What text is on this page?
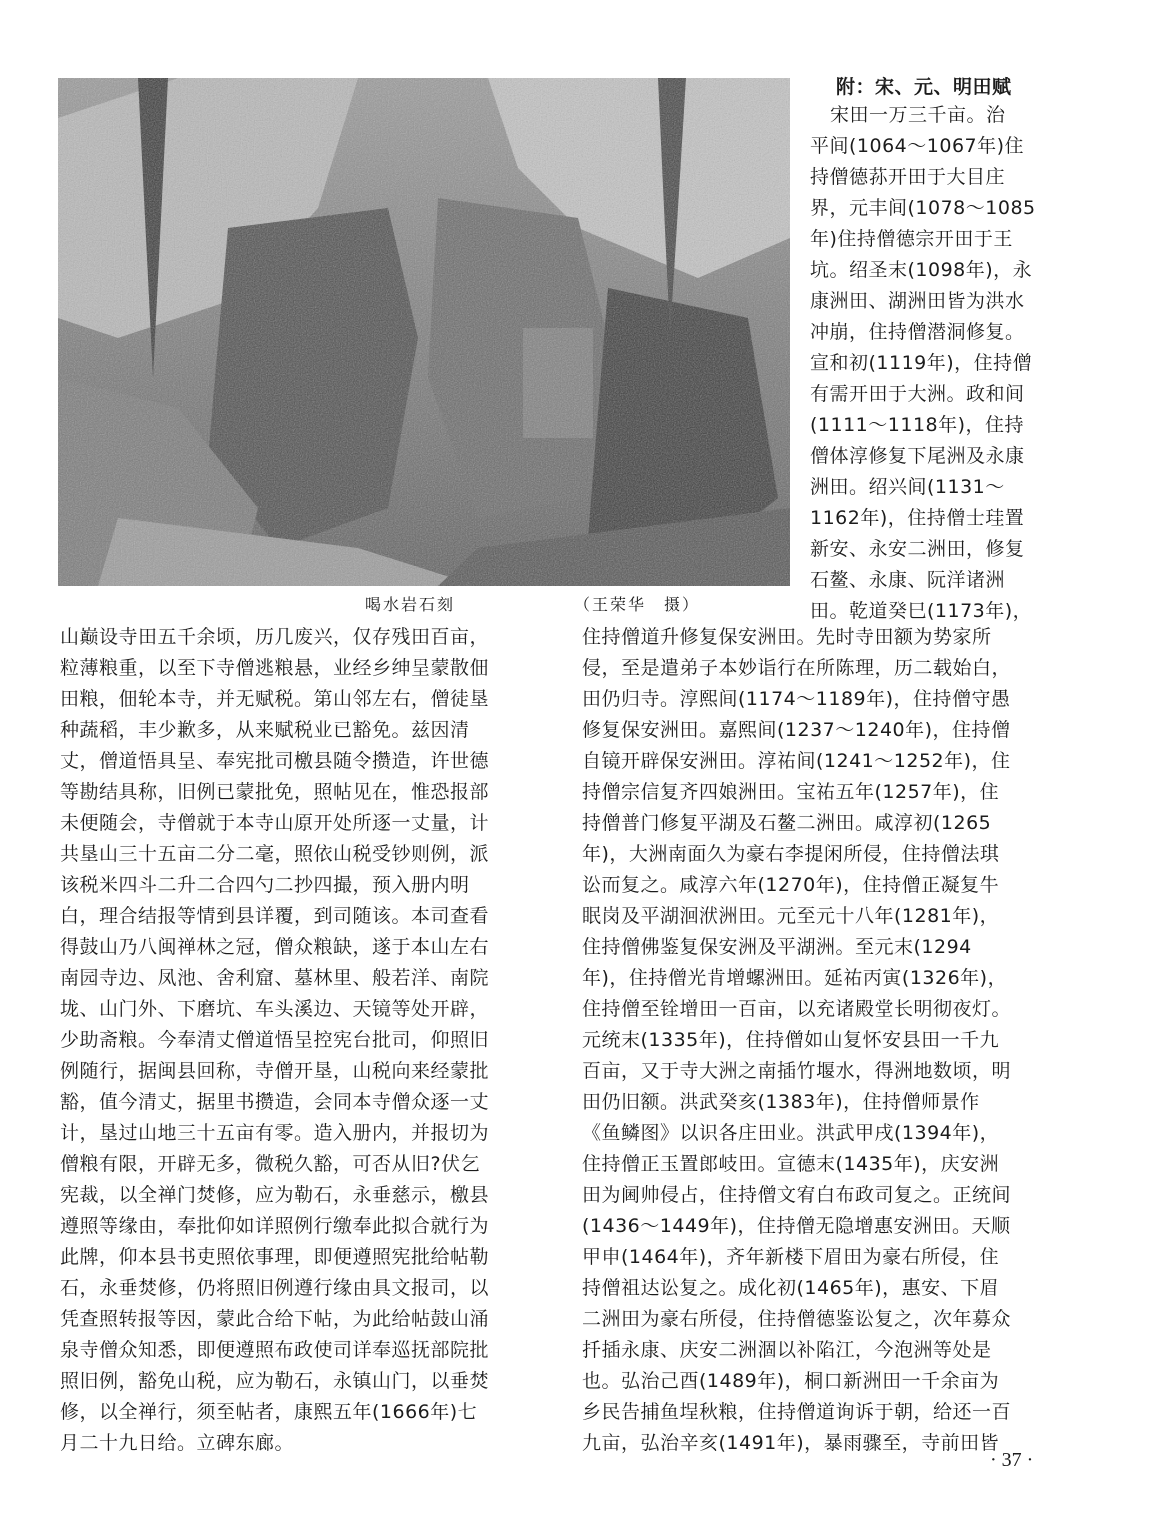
喝水岩石刻	（王荣华　摄）
附：宋、元、明田赋
宋田一万三千亩。治
平间(1064～1067年)住
持僧德荪开田于大目庄
界，元丰间(1078～1085
年)住持僧德宗开田于王
坑。绍圣末(1098年)，永
康洲田、湖洲田皆为洪水
冲崩，住持僧潜洞修复。
宣和初(1119年)，住持僧
有需开田于大洲。政和间
(1111～1118年)，住持
僧体淳修复下尾洲及永康
洲田。绍兴间(1131～
1162年)，住持僧士珪置
新安、永安二洲田，修复
石鳌、永康、阮洋诸洲
田。乾道癸巳(1173年)，
山巅设寺田五千余顷，历几废兴，仅存残田百亩，
粒薄粮重，以至下寺僧逃粮悬，业经乡绅呈蒙散佃
田粮，佃轮本寺，并无赋税。第山邻左右，僧徒垦
种蔬稻，丰少歉多，从来赋税业已豁免。兹因清
丈，僧道悟具呈、奉宪批司檄县随令攒造，许世德
等勘结具称，旧例已蒙批免，照帖见在，惟恐报部
未便随会，寺僧就于本寺山原开处所逐一丈量，计
共垦山三十五亩二分二毫，照依山税受钞则例，派
该税米四斗二升二合四勺二抄四撮，预入册内明
白，理合结报等情到县详覆，到司随该。本司查看
得鼓山乃八闽禅林之冠，僧众粮缺，遂于本山左右
南园寺边、凤池、舍利窟、墓林里、般若洋、南院
垅、山门外、下磨坑、车头溪边、天镜等处开辟，
少助斋粮。今奉清丈僧道悟呈控宪台批司，仰照旧
例随行，据闽县回称，寺僧开垦，山税向来经蒙批
豁，值今清丈，据里书攒造，会同本寺僧众逐一丈
计，垦过山地三十五亩有零。造入册内，并报切为
僧粮有限，开辟无多，微税久豁，可否从旧?伏乞
宪裁，以全禅门焚修，应为勒石，永垂慈示，檄县
遵照等缘由，奉批仰如详照例行缴奉此拟合就行为
此牌，仰本县书吏照依事理，即便遵照宪批给帖勒
石，永垂焚修，仍将照旧例遵行缘由具文报司，以
凭查照转报等因，蒙此合给下帖，为此给帖鼓山涌
泉寺僧众知悉，即便遵照布政使司详奉巡抚部院批
照旧例，豁免山税，应为勒石，永镇山门，以垂焚
修，以全禅行，须至帖者，康熙五年(1666年)七
月二十九日给。立碑东廊。
住持僧道升修复保安洲田。先时寺田额为势家所
侵，至是遣弟子本妙诣行在所陈理，历二载始白，
田仍归寺。淳熙间(1174～1189年)，住持僧守愚
修复保安洲田。嘉熙间(1237～1240年)，住持僧
自镜开辟保安洲田。淳祐间(1241～1252年)，住
持僧宗信复齐四娘洲田。宝祐五年(1257年)，住
持僧普门修复平湖及石鳌二洲田。咸淳初(1265
年)，大洲南面久为豪右李提闲所侵，住持僧法琪
讼而复之。咸淳六年(1270年)，住持僧正凝复牛
眠岗及平湖洄洑洲田。元至元十八年(1281年)，
住持僧佛鉴复保安洲及平湖洲。至元末(1294
年)，住持僧光肯增螺洲田。延祐丙寅(1326年)，
住持僧至铨增田一百亩，以充诸殿堂长明彻夜灯。
元统末(1335年)，住持僧如山复怀安县田一千九
百亩，又于寺大洲之南插竹堰水，得洲地数顷，明
田仍旧额。洪武癸亥(1383年)，住持僧师景作
《鱼鳞图》以识各庄田业。洪武甲戌(1394年)，
住持僧正玉置郎岐田。宣德末(1435年)，庆安洲
田为阃帅侵占，住持僧文宥白布政司复之。正统间
(1436～1449年)，住持僧无隐增惠安洲田。天顺
甲申(1464年)，齐年新楼下眉田为豪右所侵，住
持僧祖达讼复之。成化初(1465年)，惠安、下眉
二洲田为豪右所侵，住持僧德鉴讼复之，次年募众
扦插永康、庆安二洲涸以补陷江，今泡洲等处是
也。弘治己酉(1489年)，桐口新洲田一千余亩为
乡民告捕鱼埕秋粮，住持僧道询诉于朝，给还一百
九亩，弘治辛亥(1491年)，暴雨骤至，寺前田皆
· 37 ·
